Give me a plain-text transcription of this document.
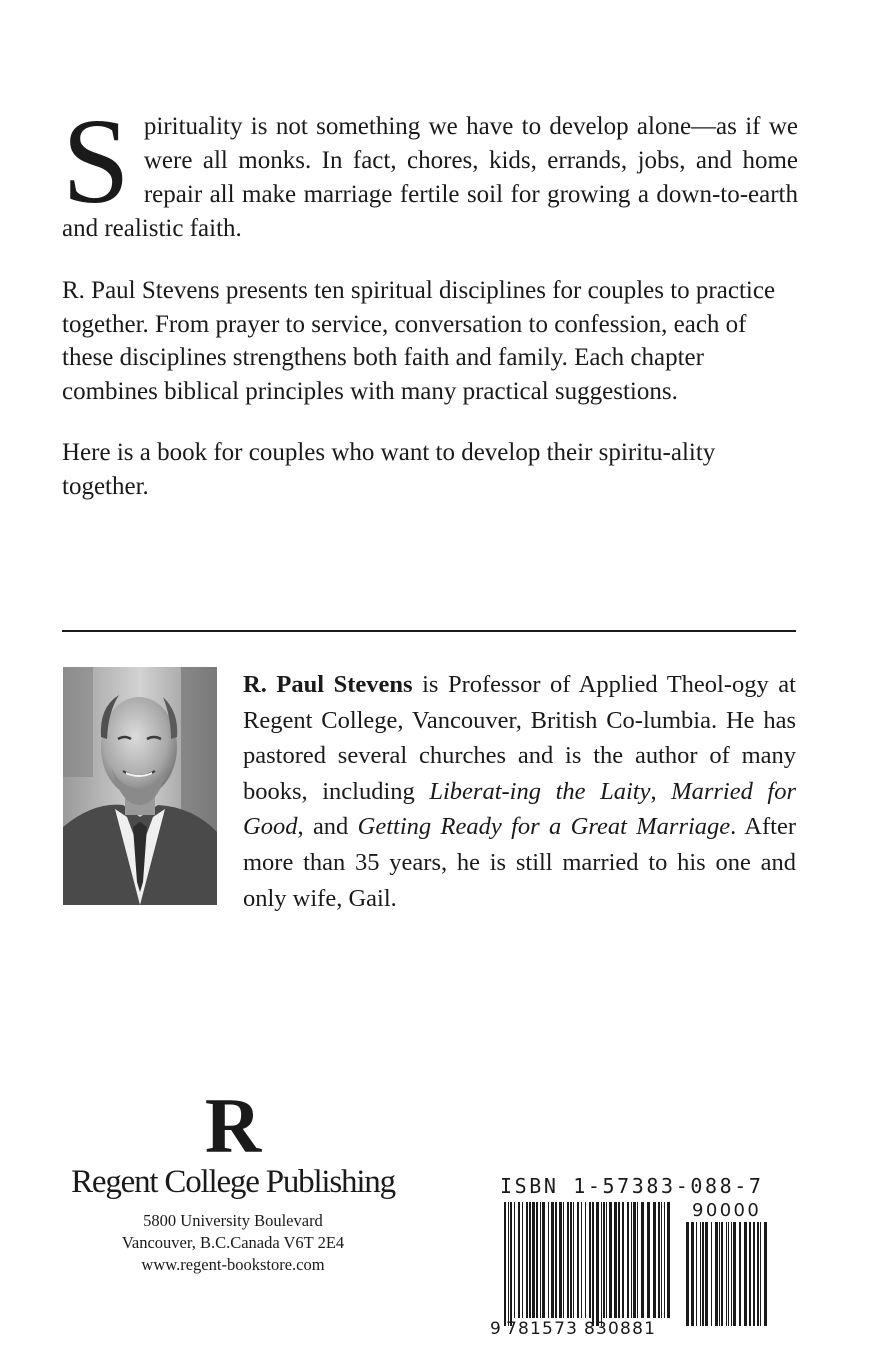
Spirituality is not something we have to develop alone—as if we were all monks. In fact, chores, kids, errands, jobs, and home repair all make marriage fertile soil for growing a down-to-earth and realistic faith.

R. Paul Stevens presents ten spiritual disciplines for couples to practice together. From prayer to service, conversation to confession, each of these disciplines strengthens both faith and family. Each chapter combines biblical principles with many practical suggestions.

Here is a book for couples who want to develop their spiritu-ality together.

R. Paul Stevens is Professor of Applied Theol-ogy at Regent College, Vancouver, British Co-lumbia. He has pastored several churches and is the author of many books, including Liberat-ing the Laity, Married for Good, and Getting Ready for a Great Marriage. After more than 35 years, he is still married to his one and only wife, Gail.

R
Regent College Publishing
5800 University Boulevard
Vancouver, B.C.Canada V6T 2E4
www.regent-bookstore.com
ISBN 1-57383-088-7
9 781573 830881
90000
